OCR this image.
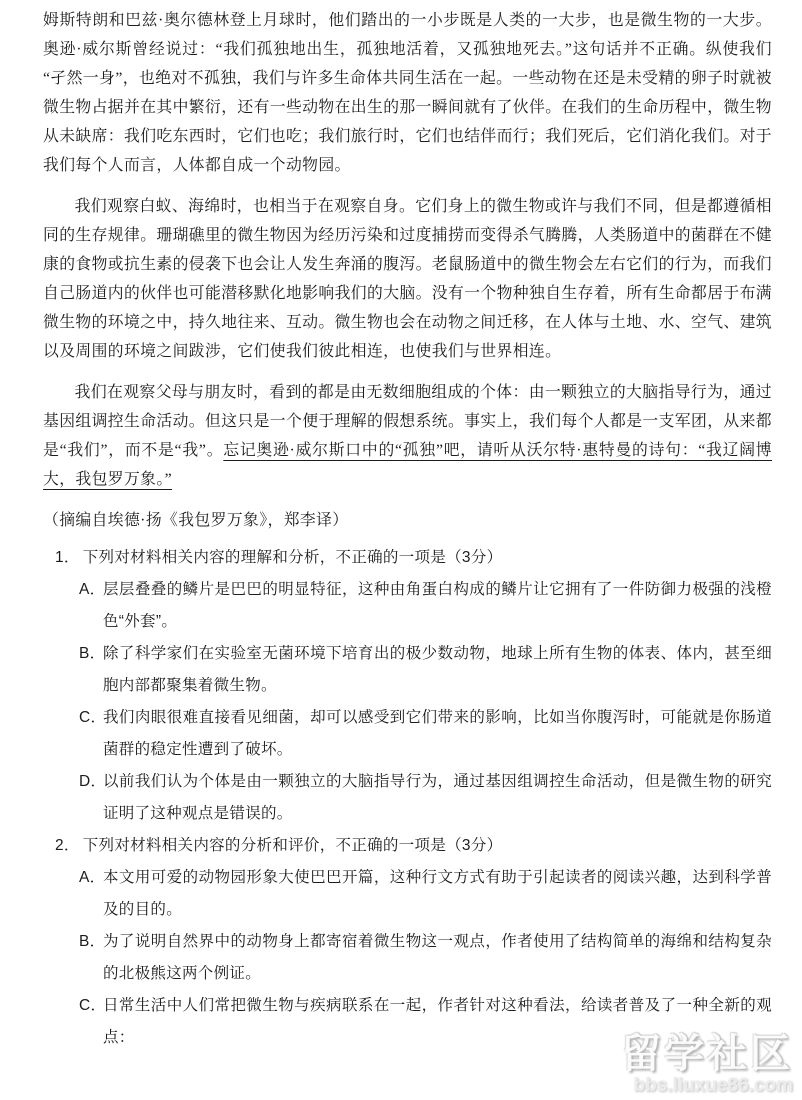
姆斯特朗和巴兹·奥尔德林登上月球时，他们踏出的一小步既是人类的一大步，也是微生物的一大步。奥逊·威尔斯曾经说过：“我们孤独地出生，孤独地活着，又孤独地死去。”这句话并不正确。纵使我们“孑然一身”，也绝对不孤独，我们与许多生命体共同生活在一起。一些动物在还是未受精的卵子时就被微生物占据并在其中繁衍，还有一些动物在出生的那一瞬间就有了伙伴。在我们的生命历程中，微生物从未缺席：我们吃东西时，它们也吃；我们旅行时，它们也结伴而行；我们死后，它们消化我们。对于我们每个人而言，人体都自成一个动物园。

我们观察白蚁、海绵时，也相当于在观察自身。它们身上的微生物或许与我们不同，但是都遵循相同的生存规律。珊瑚礁里的微生物因为经历污染和过度捕捞而变得杀气腾腾，人类肠道中的菌群在不健康的食物或抗生素的侵袭下也会让人发生奔涌的腹泻。老鼠肠道中的微生物会左右它们的行为，而我们自己肠道内的伙伴也可能潜移默化地影响我们的大脑。没有一个物种独自生存着，所有生命都居于布满微生物的环境之中，持久地往来、互动。微生物也会在动物之间迁移，在人体与土地、水、空气、建筑以及周围的环境之间跋涉，它们使我们彼此相连，也使我们与世界相连。

我们在观察父母与朋友时，看到的都是由无数细胞组成的个体：由一颗独立的大脑指导行为，通过基因组调控生命活动。但这只是一个便于理解的假想系统。事实上，我们每个人都是一支军团，从来都是“我们”，而不是“我”。忘记奥逊·威尔斯口中的“孤独”吧，请听从沃尔特·惠特曼的诗句：“我辽阔博大，我包罗万象。”

（摘编自埃德·扬《我包罗万象》，郑李译）

1． 下列对材料相关内容的理解和分析，不正确的一项是（3分）
A．
层层叠叠的鳞片是巴巴的明显特征，这种由角蛋白构成的鳞片让它拥有了一件防御力极强的浅橙色“外套”。
B．
除了科学家们在实验室无菌环境下培育出的极少数动物，地球上所有生物的体表、体内，甚至细胞内部都聚集着微生物。
C．
我们肉眼很难直接看见细菌，却可以感受到它们带来的影响，比如当你腹泻时，可能就是你肠道菌群的稳定性遭到了破坏。
D．
以前我们认为个体是由一颗独立的大脑指导行为，通过基因组调控生命活动，但是微生物的研究证明了这种观点是错误的。
2． 下列对材料相关内容的分析和评价，不正确的一项是（3分）
A．
本文用可爱的动物园形象大使巴巴开篇，这种行文方式有助于引起读者的阅读兴趣，达到科学普及的目的。
B．
为了说明自然界中的动物身上都寄宿着微生物这一观点，作者使用了结构简单的海绵和结构复杂的北极熊这两个例证。
C．
日常生活中人们常把微生物与疾病联系在一起，作者针对这种看法，给读者普及了一种全新的观点：	留学社区
bbs.liuxue86.com
